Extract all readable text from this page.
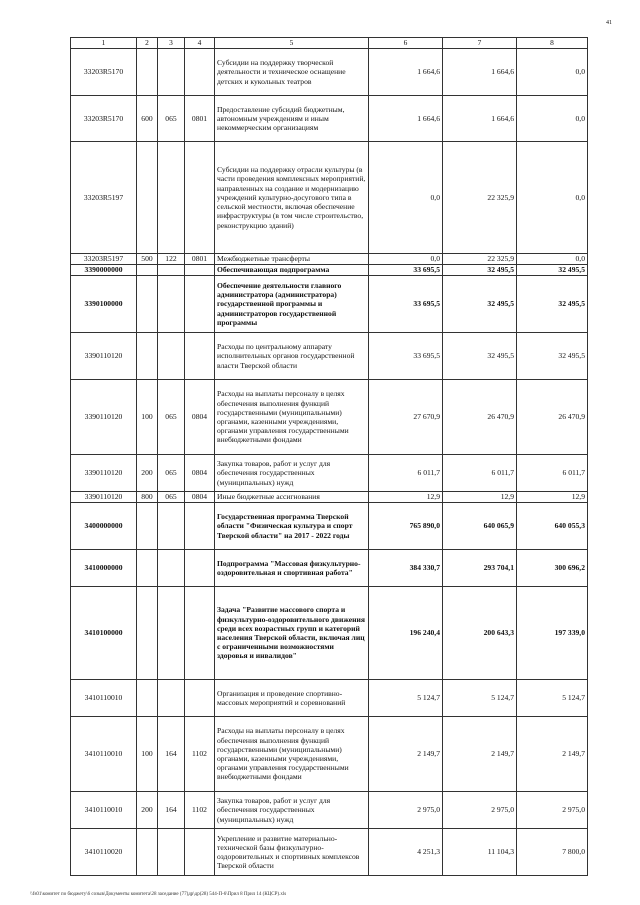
41
1	2	3	4	5	6	7	8
33203R5170				Субсидии на поддержку творческой деятельности и техническое оснащение детских и кукольных театров	1 664,6	1 664,6	0,0
33203R5170	600	065	0801	Предоставление субсидий бюджетным, автономным учреждениям и иным некоммерческим организациям	1 664,6	1 664,6	0,0
33203R5197				Субсидии на поддержку отрасли культуры (в части проведения комплексных мероприятий, направленных на создание и модернизацию учреждений культурно-досугового типа в сельской местности, включая обеспечение инфраструктуры (в том числе строительство, реконструкцию зданий)	0,0	22 325,9	0,0
33203R5197	500	122	0801	Межбюджетные трансферты	0,0	22 325,9	0,0
3390000000				Обеспечивающая подпрограмма	33 695,5	32 495,5	32 495,5
3390100000				Обеспечение деятельности главного администратора (администратора) государственной программы и администраторов государственной программы	33 695,5	32 495,5	32 495,5
3390110120				Расходы по центральному аппарату исполнительных органов государственной власти Тверской области	33 695,5	32 495,5	32 495,5
3390110120	100	065	0804	Расходы на выплаты персоналу в целях обеспечения выполнения функций государственными (муниципальными) органами, казенными учреждениями, органами управления государственными внебюджетными фондами	27 670,9	26 470,9	26 470,9
3390110120	200	065	0804	Закупка товаров, работ и услуг для обеспечения государственных (муниципальных) нужд	6 011,7	6 011,7	6 011,7
3390110120	800	065	0804	Иные бюджетные ассигнования	12,9	12,9	12,9
3400000000				Государственная программа Тверской области "Физическая культура и спорт Тверской области" на 2017 - 2022 годы	765 890,0	640 065,9	640 055,3
3410000000				Подпрограмма "Массовая физкультурно-оздоровительная и спортивная работа"	384 330,7	293 704,1	300 696,2
3410100000				Задача "Развитие массового спорта и физкультурно-оздоровительного движения среди всех возрастных групп и категорий населения Тверской области, включая лиц с ограниченными возможностями здоровья и инвалидов"	196 240,4	200 643,3	197 339,0
3410110010				Организация и проведение спортивно-массовых мероприятий и соревнований	5 124,7	5 124,7	5 124,7
3410110010	100	164	1102	Расходы на выплаты персоналу в целях обеспечения выполнения функций государственными (муниципальными) органами, казенными учреждениями, органами управления государственными внебюджетными фондами	2 149,7	2 149,7	2 149,7
3410110010	200	164	1102	Закупка товаров, работ и услуг для обеспечения государственных (муниципальных) нужд	2 975,0	2 975,0	2 975,0
3410110020				Укрепление и развитие материально-технической базы физкультурно-оздоровительных и спортивных комплексов Тверской области	4 251,3	11 104,3	7 800,0
\\fs01\комитет по бюджету\6 созыв\Документы комитета\28 заседание (77)др\др(28) 544-П-6\Прил 8 Прил 14 (КЦСР).xls
